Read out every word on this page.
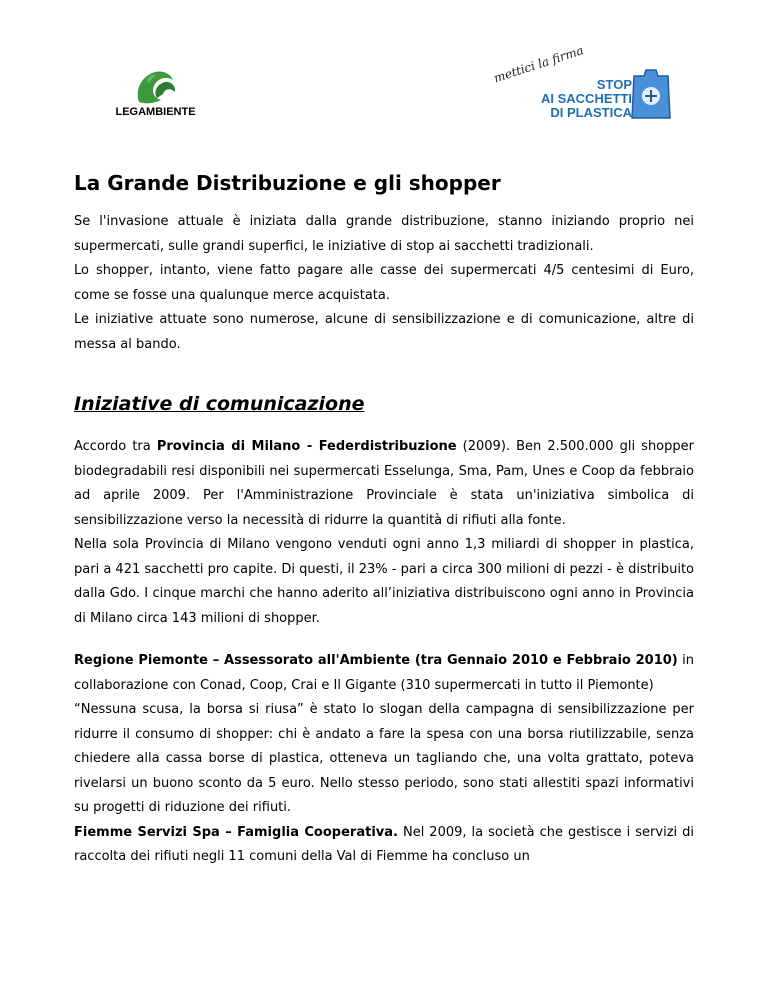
LEGAMBIENTE
mettici la firma STOP
AI SACCHETTI
DI PLASTICA
La Grande Distribuzione e gli shopper

Se l'invasione attuale è iniziata dalla grande distribuzione, stanno iniziando proprio nei supermercati, sulle grandi superfici, le iniziative di stop ai sacchetti tradizionali.

Lo shopper, intanto, viene fatto pagare alle casse dei supermercati 4/5 centesimi di Euro, come se fosse una qualunque merce acquistata.

Le iniziative attuate sono numerose, alcune di sensibilizzazione e di comunicazione, altre di messa al bando.

Iniziative di comunicazione

Accordo tra Provincia di Milano - Federdistribuzione (2009). Ben 2.500.000 gli shopper biodegradabili resi disponibili nei supermercati Esselunga, Sma, Pam, Unes e Coop da febbraio ad aprile 2009. Per l'Amministrazione Provinciale è stata un'iniziativa simbolica di sensibilizzazione verso la necessità di ridurre la quantità di rifiuti alla fonte.

Nella sola Provincia di Milano vengono venduti ogni anno 1,3 miliardi di shopper in plastica, pari a 421 sacchetti pro capite. Di questi, il 23% - pari a circa 300 milioni di pezzi - è distribuito dalla Gdo. I cinque marchi che hanno aderito all’iniziativa distribuiscono ogni anno in Provincia di Milano circa 143 milioni di shopper.

Regione Piemonte – Assessorato all'Ambiente (tra Gennaio 2010 e Febbraio 2010) in collaborazione con Conad, Coop, Crai e Il Gigante (310 supermercati in tutto il Piemonte)

“Nessuna scusa, la borsa si riusa” è stato lo slogan della campagna di sensibilizzazione per ridurre il consumo di shopper: chi è andato a fare la spesa con una borsa riutilizzabile, senza chiedere alla cassa borse di plastica, otteneva un tagliando che, una volta grattato, poteva rivelarsi un buono sconto da 5 euro. Nello stesso periodo, sono stati allestiti spazi informativi su progetti di riduzione dei rifiuti.

Fiemme Servizi Spa – Famiglia Cooperativa. Nel 2009, la società che gestisce i servizi di raccolta dei rifiuti negli 11 comuni della Val di Fiemme ha concluso un
